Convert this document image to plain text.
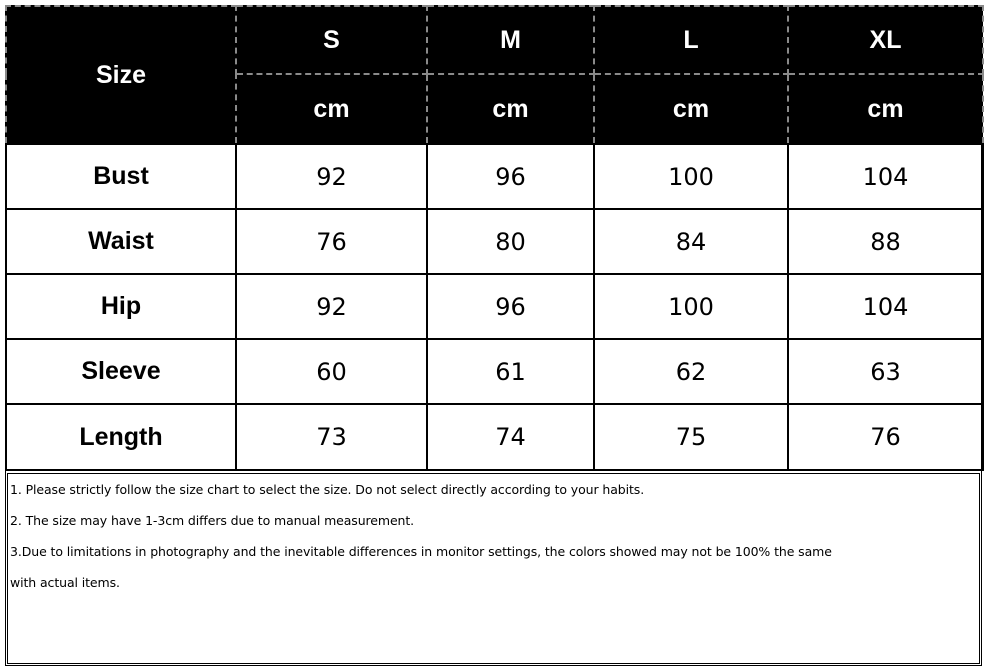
Size	S	M	L	XL
	cm	cm	cm	cm
Bust	92	96	100	104
Waist	76	80	84	88
Hip	92	96	100	104
Sleeve	60	61	62	63
Length	73	74	75	76
1. Please strictly follow the size chart to select the size. Do not select directly according to your habits.
2. The size may have 1-3cm differs due to manual measurement.
3.Due to limitations in photography and the inevitable differences in monitor settings, the colors showed may not be 100% the same
with actual items.
